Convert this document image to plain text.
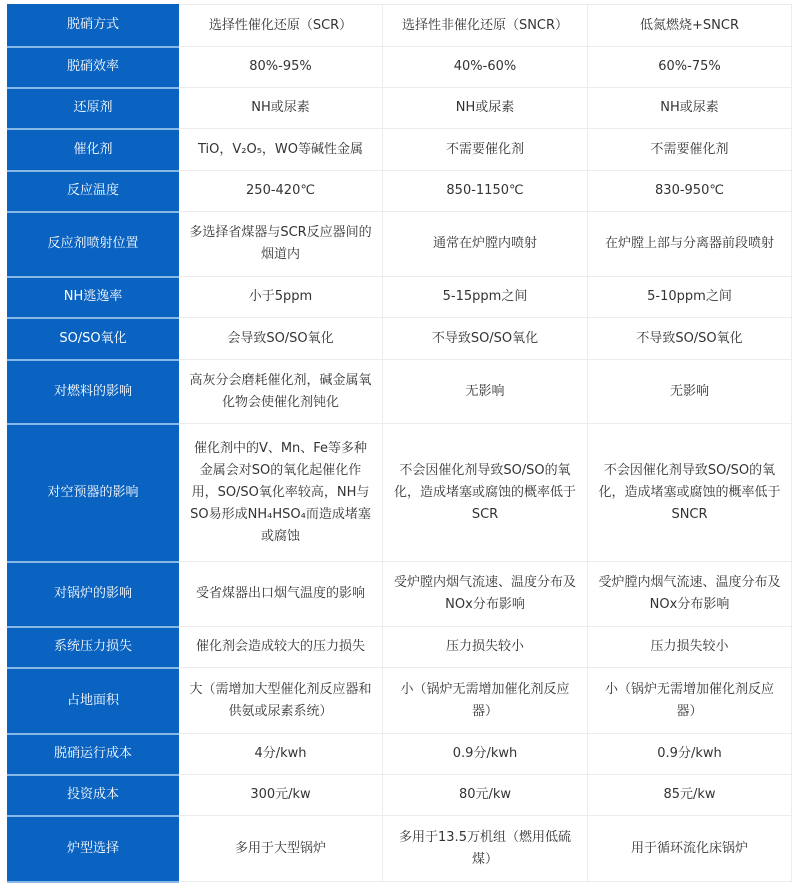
脱硝方式	选择性催化还原（SCR）	选择性非催化还原（SNCR）	低氮燃烧+SNCR
脱硝效率	80%-95%	40%-60%	60%-75%
还原剂	NH或尿素	NH或尿素	NH或尿素
催化剂	TiO，V₂O₅，WO等碱性金属	不需要催化剂	不需要催化剂
反应温度	250-420℃	850-1150℃	830-950℃
反应剂喷射位置	多选择省煤器与SCR反应器间的烟道内	通常在炉膛内喷射	在炉膛上部与分离器前段喷射
NH逃逸率	小于5ppm	5-15ppm之间	5-10ppm之间
SO/SO氧化	会导致SO/SO氧化	不导致SO/SO氧化	不导致SO/SO氧化
对燃料的影响	高灰分会磨耗催化剂，碱金属氧化物会使催化剂钝化	无影响	无影响
对空预器的影响	催化剂中的V、Mn、Fe等多种金属会对SO的氧化起催化作用，SO/SO氧化率较高，NH与SO易形成NH₄HSO₄而造成堵塞或腐蚀	不会因催化剂导致SO/SO的氧化，造成堵塞或腐蚀的概率低于SCR	不会因催化剂导致SO/SO的氧化，造成堵塞或腐蚀的概率低于SNCR
对锅炉的影响	受省煤器出口烟气温度的影响	受炉膛内烟气流速、温度分布及NOx分布影响	受炉膛内烟气流速、温度分布及NOx分布影响
系统压力损失	催化剂会造成较大的压力损失	压力损失较小	压力损失较小
占地面积	大（需增加大型催化剂反应器和供氨或尿素系统）	小（锅炉无需增加催化剂反应器）	小（锅炉无需增加催化剂反应器）
脱硝运行成本	4分/kwh	0.9分/kwh	0.9分/kwh
投资成本	300元/kw	80元/kw	85元/kw
炉型选择	多用于大型锅炉	多用于13.5万机组（燃用低硫煤）	用于循环流化床锅炉
